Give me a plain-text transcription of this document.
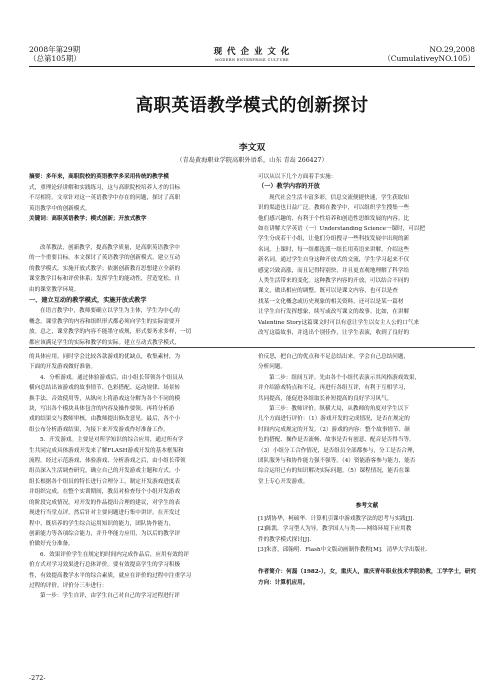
2008年第29期
（总第105期）
现 代 企 业 文 化
MODERN ENTERPRISE CULTURE
NO.29,2008
（CumulativeyNO.105）
高职英语教学模式的创新探讨
李文双
（青岛黄海职业学院高职外语系，山东 青岛 266427）
摘要：多年来，高职院校的英语教学多采用传统的教学模
式，重理论轻讲解和实践练习，这与高职院校培养人才的目标
不尽相符。文章针对这一英语教学中存在的问题，探讨了高职
英语教学中的创新模式。
关键词：高职英语教学；模式创新；开放式教学

改革教法，创新教学，提高教学质量，是高职英语教学中

的一个重要目标。本文探讨了英语教学的创新模式，建立互动

的教学模式，实施开放式教学；依据创新教育思想建立全新的

课堂教学目标和评价体系；发挥学生的能动性，营造宽松、自

由的课堂教学环境。

一、建立互动的教学模式，实施开放式教学

在语言教学中，教师要确立以学生为主体，学生为中心的

概念。课堂教学的内容和组织形式都必须向学生的实际需要开

放。总之，课堂教学的内容不能墨守成规，形式要务求多样，一切

都应该满足学生的实际和教学的实际。建立互动式教学模式，

可以从以下几个方面着手实施：

（一）教学内容的开放

现代社会生活丰富多彩，信息交流便捷快速，学生获取知

识的渠道也日益广泛。教师在教学中，可以组织学生搜集一些

他们感兴趣的、有利于个性培养和创造性思维发展的内容。比

如在讲解大学英语（一）Understanding Science一课时，可以把

学生分成若干小组，让他们分组搜寻一些科技发展中出现的新

名词。上课时，每一组都选派一组长用英语来讲解，介绍这些

新名词。通过学生自身这种开放式的交流，学生学习起来不仅

感觉兴致高涨，而且记得特别快，并且更直观地理解了科学给

人类生活带来的变化。这种教学内容的开放，可以结合不同的

课文，做出相应的调整。既可以是课文内容，也可以是查

找某一文化概念或历史现象的相关资料，还可以是某一篇材

让学生自行发挥想象，续写或改写课文的故事。比如，在讲解

Valentine Story这篇课文时可以有意让学生以女主人公的口气来

改写这篇故事，并选出个别佳作，让学生表演，收到了良好的

的具体应用。同时学会比较各款游戏的优缺点，收集素材，为

下面的开发游戏做好准备。

4．分析游戏。通过体验游戏后，由小组长带领各个组员从

横向总结出该游戏的故事情节、色彩搭配、运动规律、场景转

换手法、音效使用等，从纵向上将游戏这分解为各个不同的模

块，写出各个模块具体包含的内容及操作要领。再将分析游

戏的结果交与教师审核，由教师提出修改意见。最后，各个小

组公布分析游戏结果，为接下来开发游戏作好准备工作。

5．开发游戏。主要是对所学知识的综合应用，通过所有学

生共同完成具体游戏开发来了解FLASH游戏开发的基本框架和

流程。经过示范游戏、体验游戏、分析游戏之后，由小组长带领

组员深入生活调查研究，确立自己的开发游戏主题和方式。小

组长根据各个组员的特长进行合理分工，制定开发游戏进度表

并组织完成。在整个实训期间，教员对检查每个小组开发游戏

的阶段完成情况，对开发的作品提出合理的建议，对学生的表

现进行当堂点评，然后针对主要问题进行集中讲评。在开发过

程中，既培养的学生综合运用知识的能力，团队协作能力，

创新能力等各项综合能力，并升华能力应用，为以后的教学评

价做好充分准备。

6．效果评价学生在规定的时间内完成作品后，应用有效的评

价方式对学习效果进行总体评价。要有效提高学生的学习积极

性，有效提高教学水平的综合素质，就应在评价的过程中注重学习

过程的评价，评价分三步进行：

第一步：学生自评，由学生自己对自己的学习过程进行评

-272-

价反思，把自己的优点和不足总结出来，学会自己总结问题，

分析问题。

第二步：组间互评。先由各个小组代表演示其风格游戏效果，

并介绍游戏特点和不足，再进行各组互评，有利于互相学习，

共同提高，能促进各组取长补短提高的良好学习风气。

第三步：教师评价。纵横大局，从教师的角度对学生以下

几个方面进行评价：（1）游戏开发的完成情况，是否在规定的

时间内完成规定的开发。（2）游戏的内容：整个故事情节、颜

色的搭配、操作是否流畅、故事是否有创意、配音是否得当等。

（3）小组分工合作情况，是否组员全部都参与，分工是否合理，

团队服务与和协作能力强不强等。（4）资能游客参与能力，能否

综合运用已有的知识解决实际问题。（5）课程情况，能否在课

堂上专心开发游戏。

参考文献

[1]胡协华，柯硕华．计算机引课中游戏教学法的思考与实践[J]．

[2]陈凯．学习型人为导。教学国人与类——网络环境下应用教

件的教学模式探讨[J]．

[3]朱喜，邱翰明．Flash中文版动画制作教程[M]．清华大学出版社．

作者简介：何磊（1982-），女，重庆人，重庆青年职业技术学院助教，工学学士，研究方向：计算机应用。
